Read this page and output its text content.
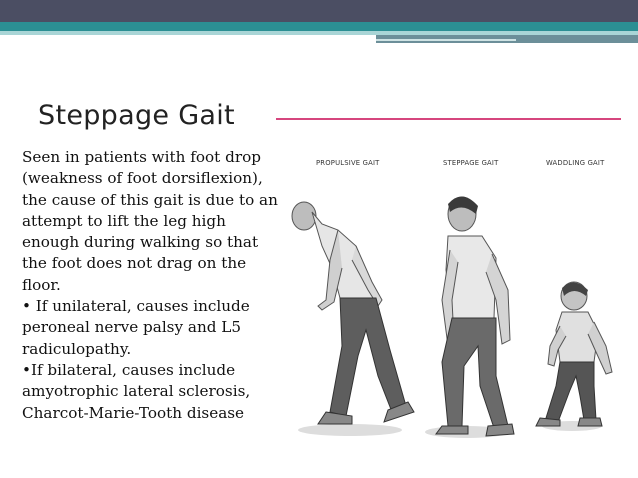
Steppage Gait

Seen in patients with foot drop (weakness of foot dorsiflexion), the cause of this gait is due to an attempt to lift the leg high enough during walking so that the foot does not drag on the floor.

• If unilateral, causes include peroneal nerve palsy and L5 radiculopathy.

•If bilateral, causes include amyotrophic lateral sclerosis, Charcot-Marie-Tooth disease

PROPULSIVE GAIT	STEPPAGE GAIT	WADDLING GAIT
